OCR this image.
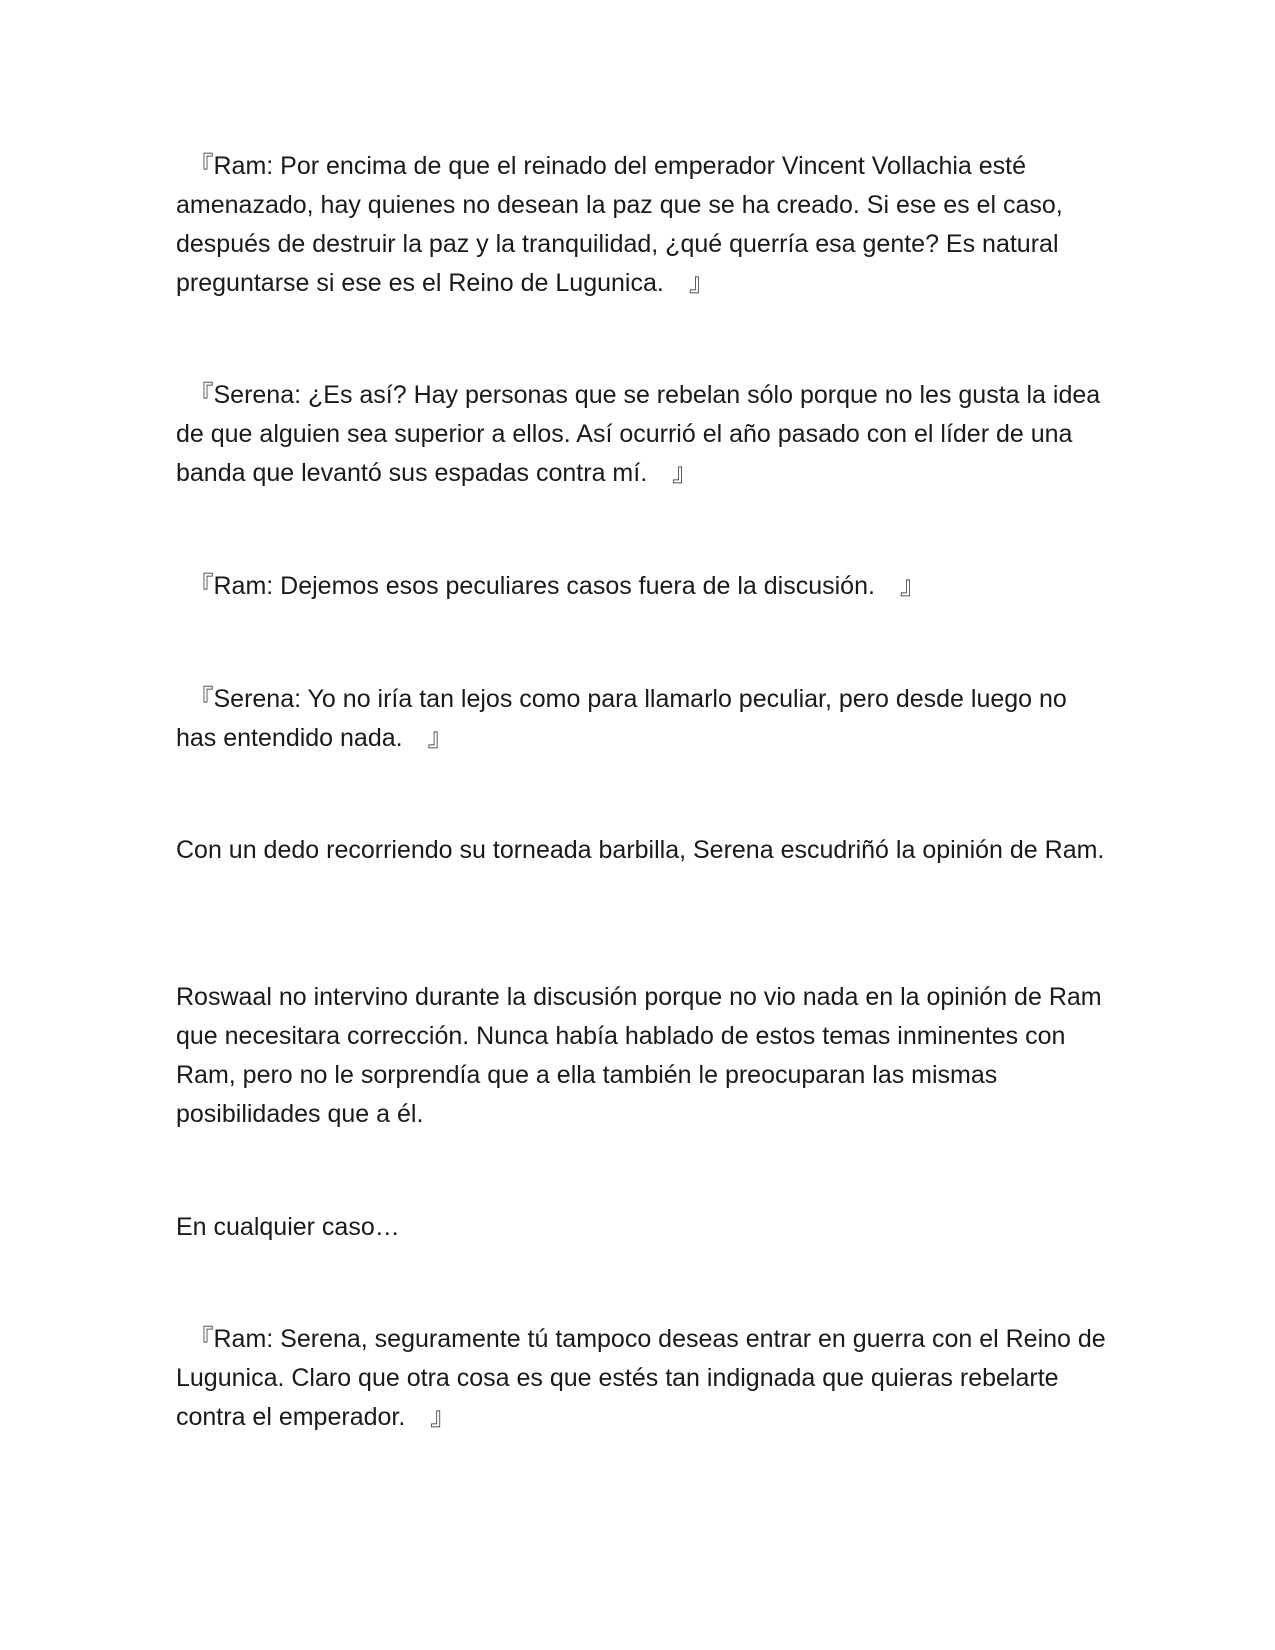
　『Ram: Por encima de que el reinado del emperador Vincent Vollachia esté amenazado, hay quienes no desean la paz que se ha creado. Si ese es el caso, después de destruir la paz y la tranquilidad, ¿qué querría esa gente? Es natural preguntarse si ese es el Reino de Lugunica.　』

　『Serena: ¿Es así? Hay personas que se rebelan sólo porque no les gusta la idea de que alguien sea superior a ellos. Así ocurrió el año pasado con el líder de una banda que levantó sus espadas contra mí.　』

　『Ram: Dejemos esos peculiares casos fuera de la discusión.　』

　『Serena: Yo no iría tan lejos como para llamarlo peculiar, pero desde luego no has entendido nada.　』

Con un dedo recorriendo su torneada barbilla, Serena escudriñó la opinión de Ram.

Roswaal no intervino durante la discusión porque no vio nada en la opinión de Ram que necesitara corrección. Nunca había hablado de estos temas inminentes con Ram, pero no le sorprendía que a ella también le preocuparan las mismas posibilidades que a él.

En cualquier caso…

　『Ram: Serena, seguramente tú tampoco deseas entrar en guerra con el Reino de Lugunica. Claro que otra cosa es que estés tan indignada que quieras rebelarte contra el emperador.　』
